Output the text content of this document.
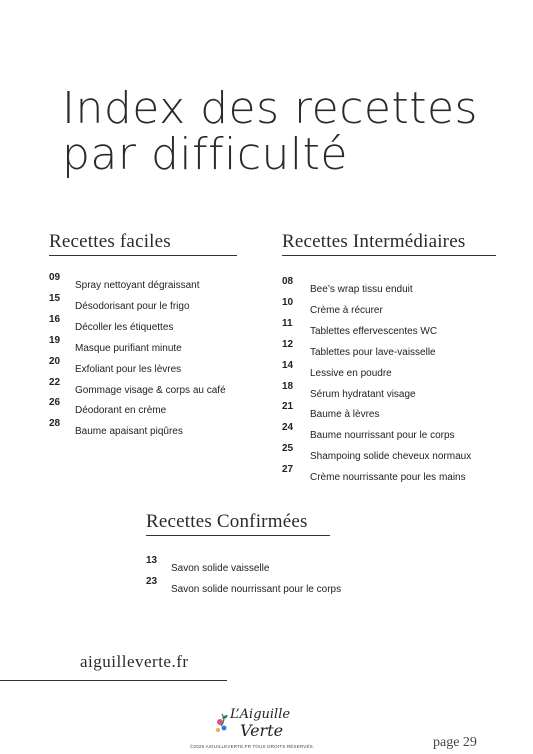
Index des recettes
par difficulté
Recettes faciles
09
Spray nettoyant dégraissant
15
Désodorisant pour le frigo
16
Décoller les étiquettes
19
Masque purifiant minute
20
Exfoliant pour les lèvres
22
Gommage visage & corps au café
26
Déodorant en crème
28
Baume apaisant piqûres
Recettes Intermédiaires
08
Bee’s wrap tissu enduit
10
Crème à récurer
11
Tablettes effervescentes WC
12
Tablettes pour lave-vaisselle
14
Lessive en poudre
18
Sérum hydratant visage
21
Baume à lèvres
24
Baume nourrissant pour le corps
25
Shampoing solide cheveux normaux
27
Crème nourrissante pour les mains
Recettes Confirmées
13
Savon solide vaisselle
23
Savon solide nourrissant pour le corps
aiguilleverte.fr
L’Aiguille
Verte
©2025 AIGUILLEVERTE.FR TOUS DROITS RÉSERVÉS.	page 29
